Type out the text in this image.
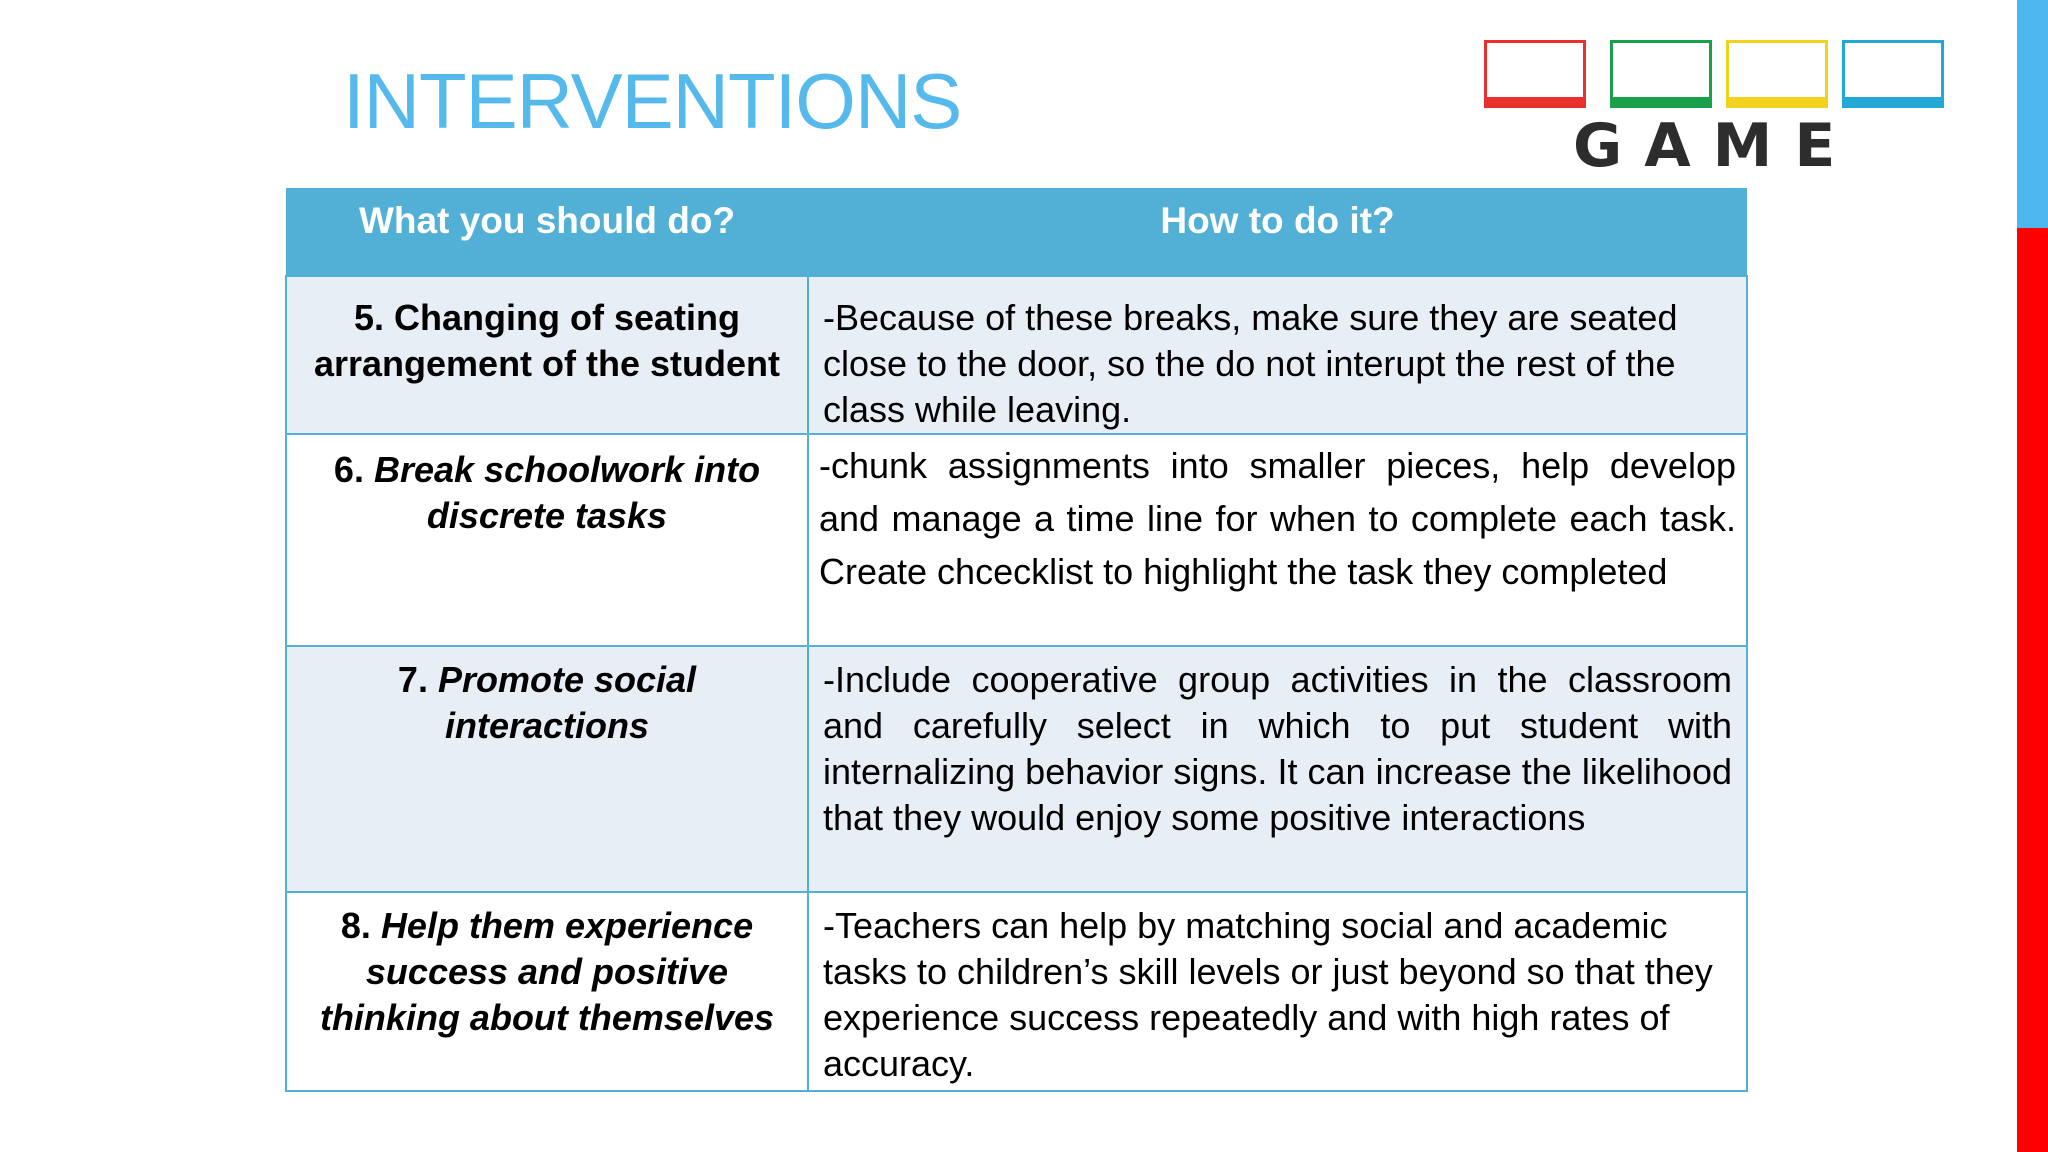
INTERVENTIONS
GAME
What you should do?	How to do it?
5. Changing of seating arrangement of the student	-Because of these breaks, make sure they are seated close to the door, so the do not interupt the rest of the class while leaving.
6. Break schoolwork into discrete tasks	-chunk assignments into smaller pieces, help develop and manage a time line for when to complete each task. Create chcecklist to highlight the task they completed
7. Promote social interactions	-Include cooperative group activities in the classroom and carefully select in which to put student with internalizing behavior signs. It can increase the likelihood that they would enjoy some positive interactions
8. Help them experience success and positive thinking about themselves	-Teachers can help by matching social and academic tasks to children’s skill levels or just beyond so that they experience success repeatedly and with high rates of accuracy.
